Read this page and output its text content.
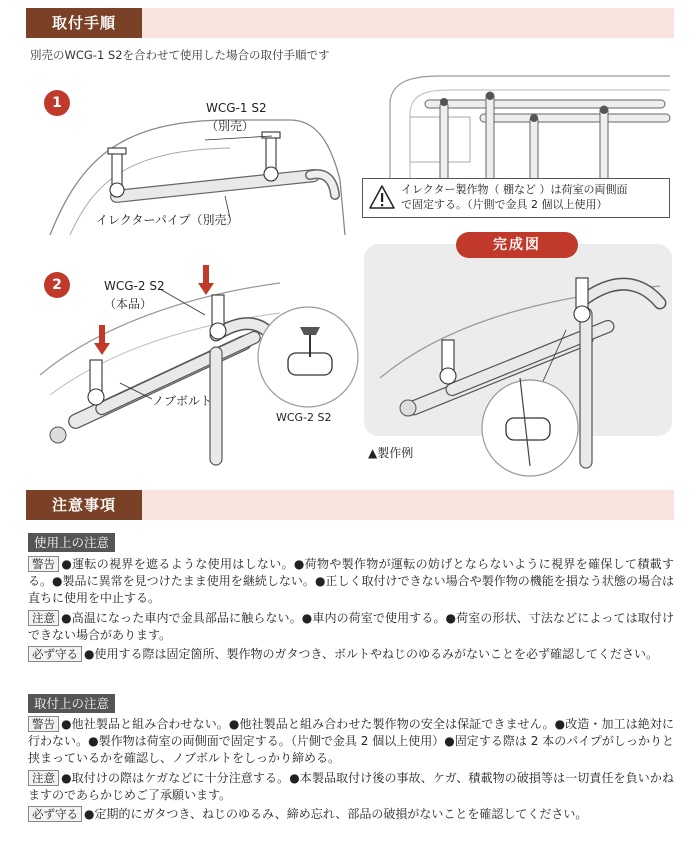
取付手順
別売のWCG-1 S2を合わせて使用した場合の取付手順です
1	WCG-1 S2
（別売）
イレクターパイプ（別売）
イレクター製作物（ 棚など ）は荷室の両側面
で固定する。（片側で金具 2 個以上使用）
2	WCG-2 S2
（本品）
ノブボルト
WCG-2 S2
完成図
▲製作例
注意事項
使用上の注意
警告 ●運転の視界を遮るような使用はしない。●荷物や製作物が運転の妨げとならないように視界を確保して積載する。●製品に異常を見つけたまま使用を継続しない。●正しく取付けできない場合や製作物の機能を損なう状態の場合は直ちに使用を中止する。
注意 ●高温になった車内で金具部品に触らない。●車内の荷室で使用する。●荷室の形状、寸法などによっては取付けできない場合があります。
必ず守る ●使用する際は固定箇所、製作物のガタつき、ボルトやねじのゆるみがないことを必ず確認してください。
取付上の注意
警告 ●他社製品と組み合わせない。●他社製品と組み合わせた製作物の安全は保証できません。●改造・加工は絶対に行わない。●製作物は荷室の両側面で固定する。（片側で金具 2 個以上使用）●固定する際は 2 本のパイプがしっかりと挟まっているかを確認し、ノブボルトをしっかり締める。
注意 ●取付けの際はケガなどに十分注意する。●本製品取付け後の事故、ケガ、積載物の破損等は一切責任を負いかねますのであらかじめご了承願います。
必ず守る ●定期的にガタつき、ねじのゆるみ、締め忘れ、部品の破損がないことを確認してください。
